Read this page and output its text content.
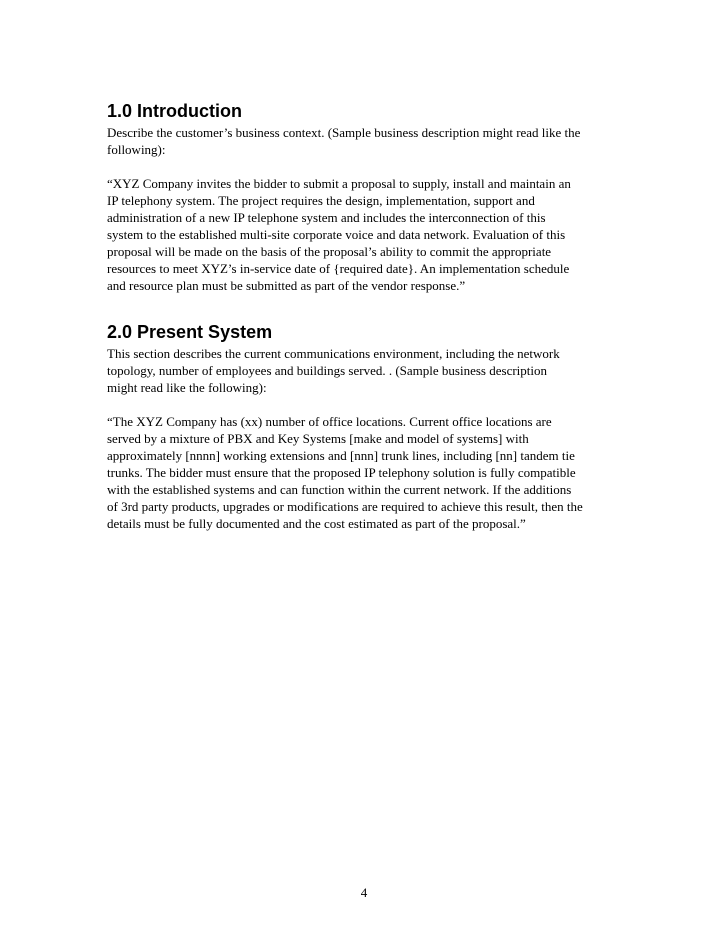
1.0 Introduction

Describe the customer’s business context. (Sample business description might read like the
following):

“XYZ Company invites the bidder to submit a proposal to supply, install and maintain an
IP telephony system. The project requires the design, implementation, support and
administration of a new IP telephone system and includes the interconnection of this
system to the established multi-site corporate voice and data network. Evaluation of this
proposal will be made on the basis of the proposal’s ability to commit the appropriate
resources to meet XYZ’s in-service date of {required date}. An implementation schedule
and resource plan must be submitted as part of the vendor response.”

2.0 Present System

This section describes the current communications environment, including the network
topology, number of employees and buildings served. . (Sample business description
might read like the following):

“The XYZ Company has (xx) number of office locations. Current office locations are
served by a mixture of PBX and Key Systems [make and model of systems] with
approximately [nnnn] working extensions and [nnn] trunk lines, including [nn] tandem tie
trunks. The bidder must ensure that the proposed IP telephony solution is fully compatible
with the established systems and can function within the current network. If the additions
of 3rd party products, upgrades or modifications are required to achieve this result, then the
details must be fully documented and the cost estimated as part of the proposal.”

4
